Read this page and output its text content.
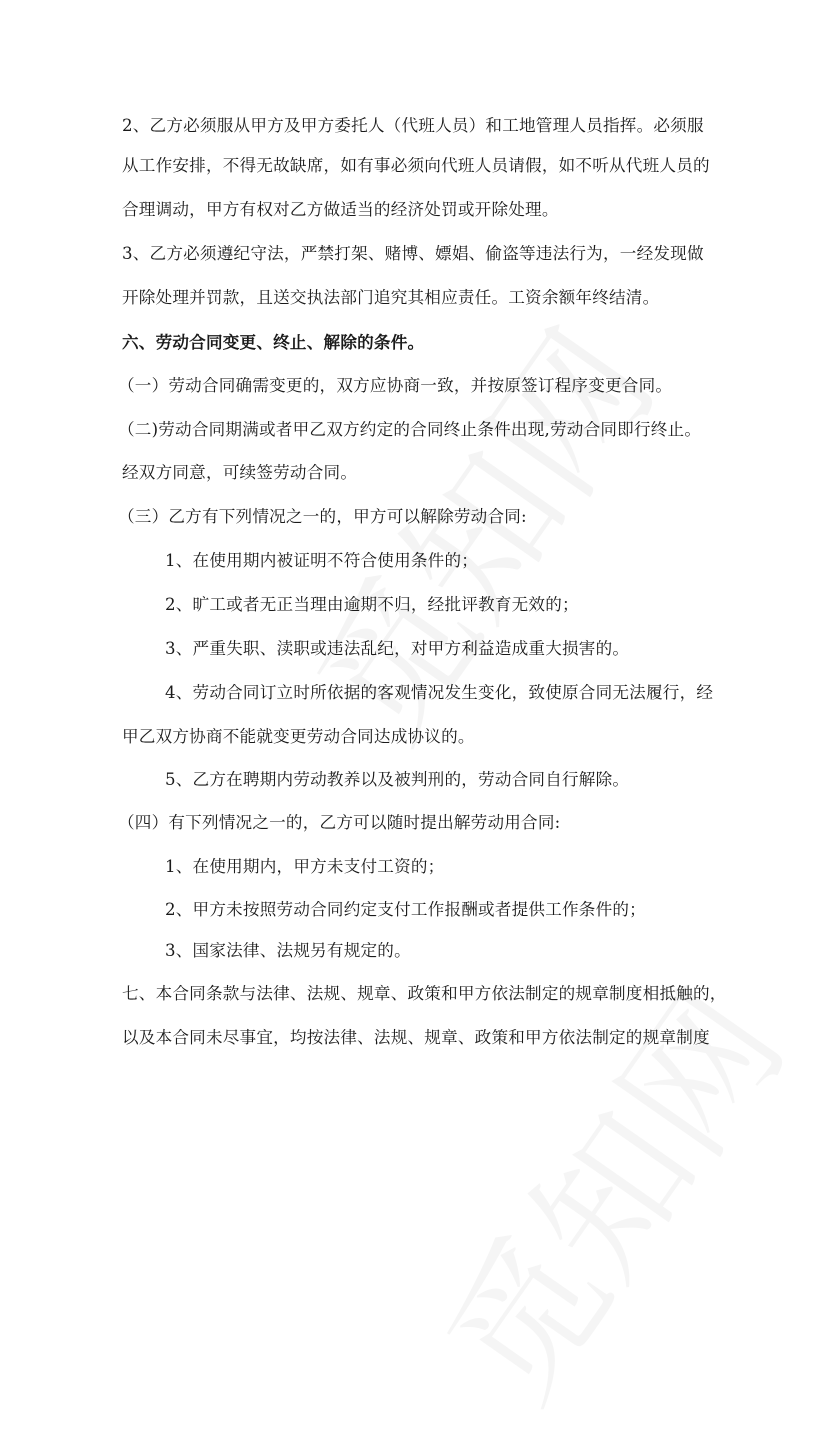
2、乙方必须服从甲方及甲方委托人（代班人员）和工地管理人员指挥。必须服
从工作安排，不得无故缺席，如有事必须向代班人员请假，如不听从代班人员的
合理调动，甲方有权对乙方做适当的经济处罚或开除处理。
3、乙方必须遵纪守法，严禁打架、赌博、嫖娼、偷盗等违法行为，一经发现做
开除处理并罚款，且送交执法部门追究其相应责任。工资余额年终结清。
六、劳动合同变更、终止、解除的条件。
（一）劳动合同确需变更的，双方应协商一致，并按原签订程序变更合同。
（二)劳动合同期满或者甲乙双方约定的合同终止条件出现,劳动合同即行终止。
经双方同意，可续签劳动合同。
（三）乙方有下列情况之一的，甲方可以解除劳动合同:
1、在使用期内被证明不符合使用条件的；
2、旷工或者无正当理由逾期不归，经批评教育无效的；
3、严重失职、渎职或违法乱纪，对甲方利益造成重大损害的。
4、劳动合同订立时所依据的客观情况发生变化，致使原合同无法履行，经
甲乙双方协商不能就变更劳动合同达成协议的。
5、乙方在聘期内劳动教养以及被判刑的，劳动合同自行解除。
（四）有下列情况之一的，乙方可以随时提出解劳动用合同:
1、在使用期内，甲方未支付工资的；
2、甲方未按照劳动合同约定支付工作报酬或者提供工作条件的；
3、国家法律、法规另有规定的。
七、本合同条款与法律、法规、规章、政策和甲方依法制定的规章制度相抵触的，
以及本合同未尽事宜，均按法律、法规、规章、政策和甲方依法制定的规章制度
